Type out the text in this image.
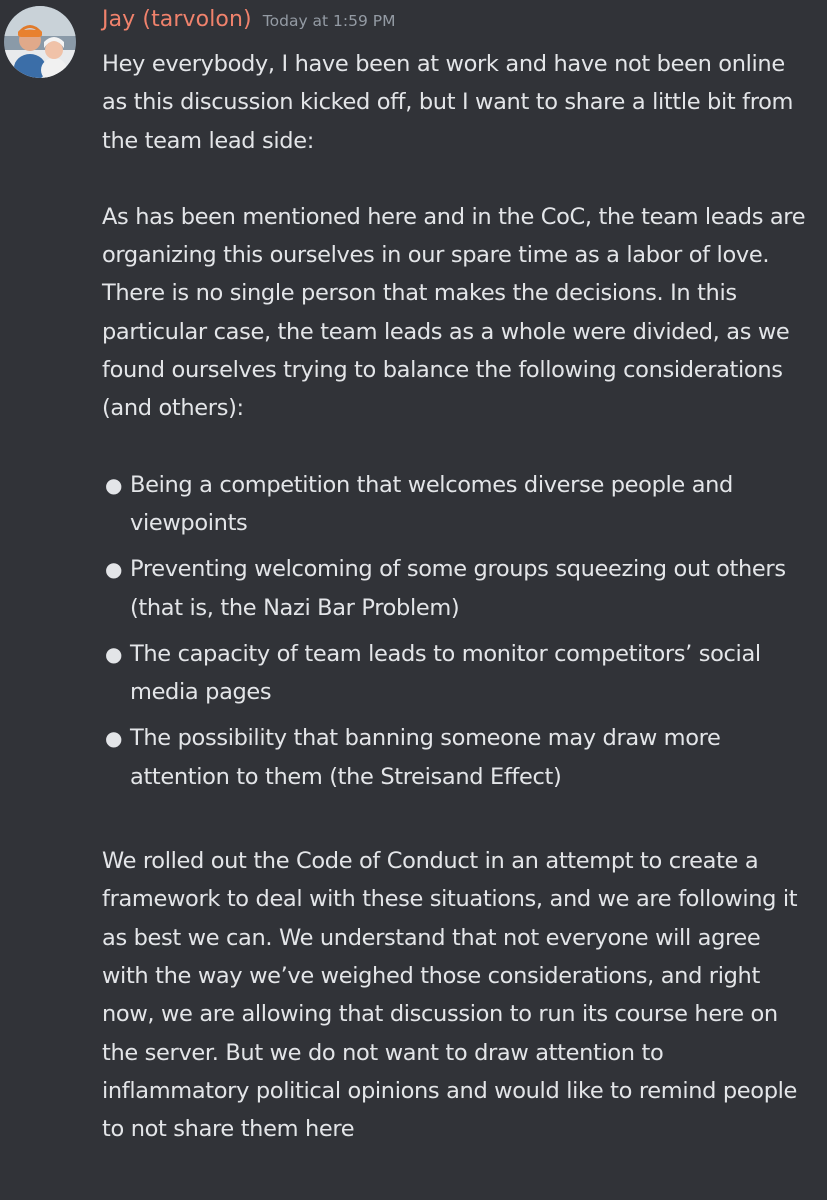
Jay (tarvolon) Today at 1:59 PM

Hey everybody, I have been at work and have not been online as this discussion kicked off, but I want to share a little bit from the team lead side:

As has been mentioned here and in the CoC, the team leads are organizing this ourselves in our spare time as a labor of love. There is no single person that makes the decisions. In this particular case, the team leads as a whole were divided, as we found ourselves trying to balance the following considerations (and others):

● Being a competition that welcomes diverse people and viewpoints
● Preventing welcoming of some groups squeezing out others (that is, the Nazi Bar Problem)
● The capacity of team leads to monitor competitors’ social media pages
● The possibility that banning someone may draw more attention to them (the Streisand Effect)

We rolled out the Code of Conduct in an attempt to create a framework to deal with these situations, and we are following it as best we can. We understand that not everyone will agree with the way we’ve weighed those considerations, and right now, we are allowing that discussion to run its course here on the server. But we do not want to draw attention to inflammatory political opinions and would like to remind people to not share them here
